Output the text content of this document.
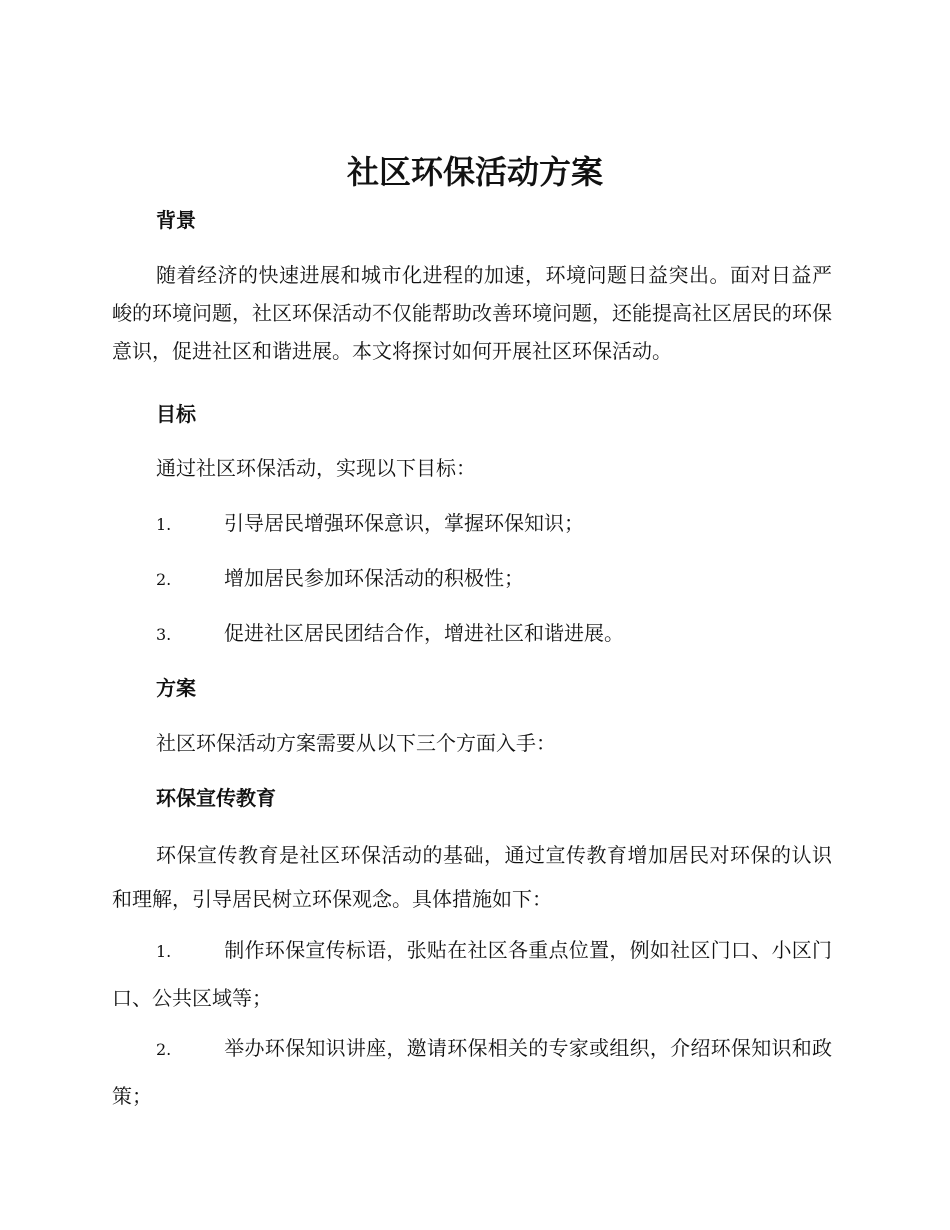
社区环保活动方案
背景
随着经济的快速进展和城市化进程的加速，环境问题日益突出。面对日益严峻的环境问题，社区环保活动不仅能帮助改善环境问题，还能提高社区居民的环保意识，促进社区和谐进展。本文将探讨如何开展社区环保活动。
目标
通过社区环保活动，实现以下目标：
1.	引导居民增强环保意识，掌握环保知识；
2.	增加居民参加环保活动的积极性；
3.	促进社区居民团结合作，增进社区和谐进展。
方案
社区环保活动方案需要从以下三个方面入手：
环保宣传教育
环保宣传教育是社区环保活动的基础，通过宣传教育增加居民对环保的认识和理解，引导居民树立环保观念。具体措施如下：
1.	制作环保宣传标语，张贴在社区各重点位置，例如社区门口、小区门口、公共区域等；
2.	举办环保知识讲座，邀请环保相关的专家或组织，介绍环保知识和政策；
